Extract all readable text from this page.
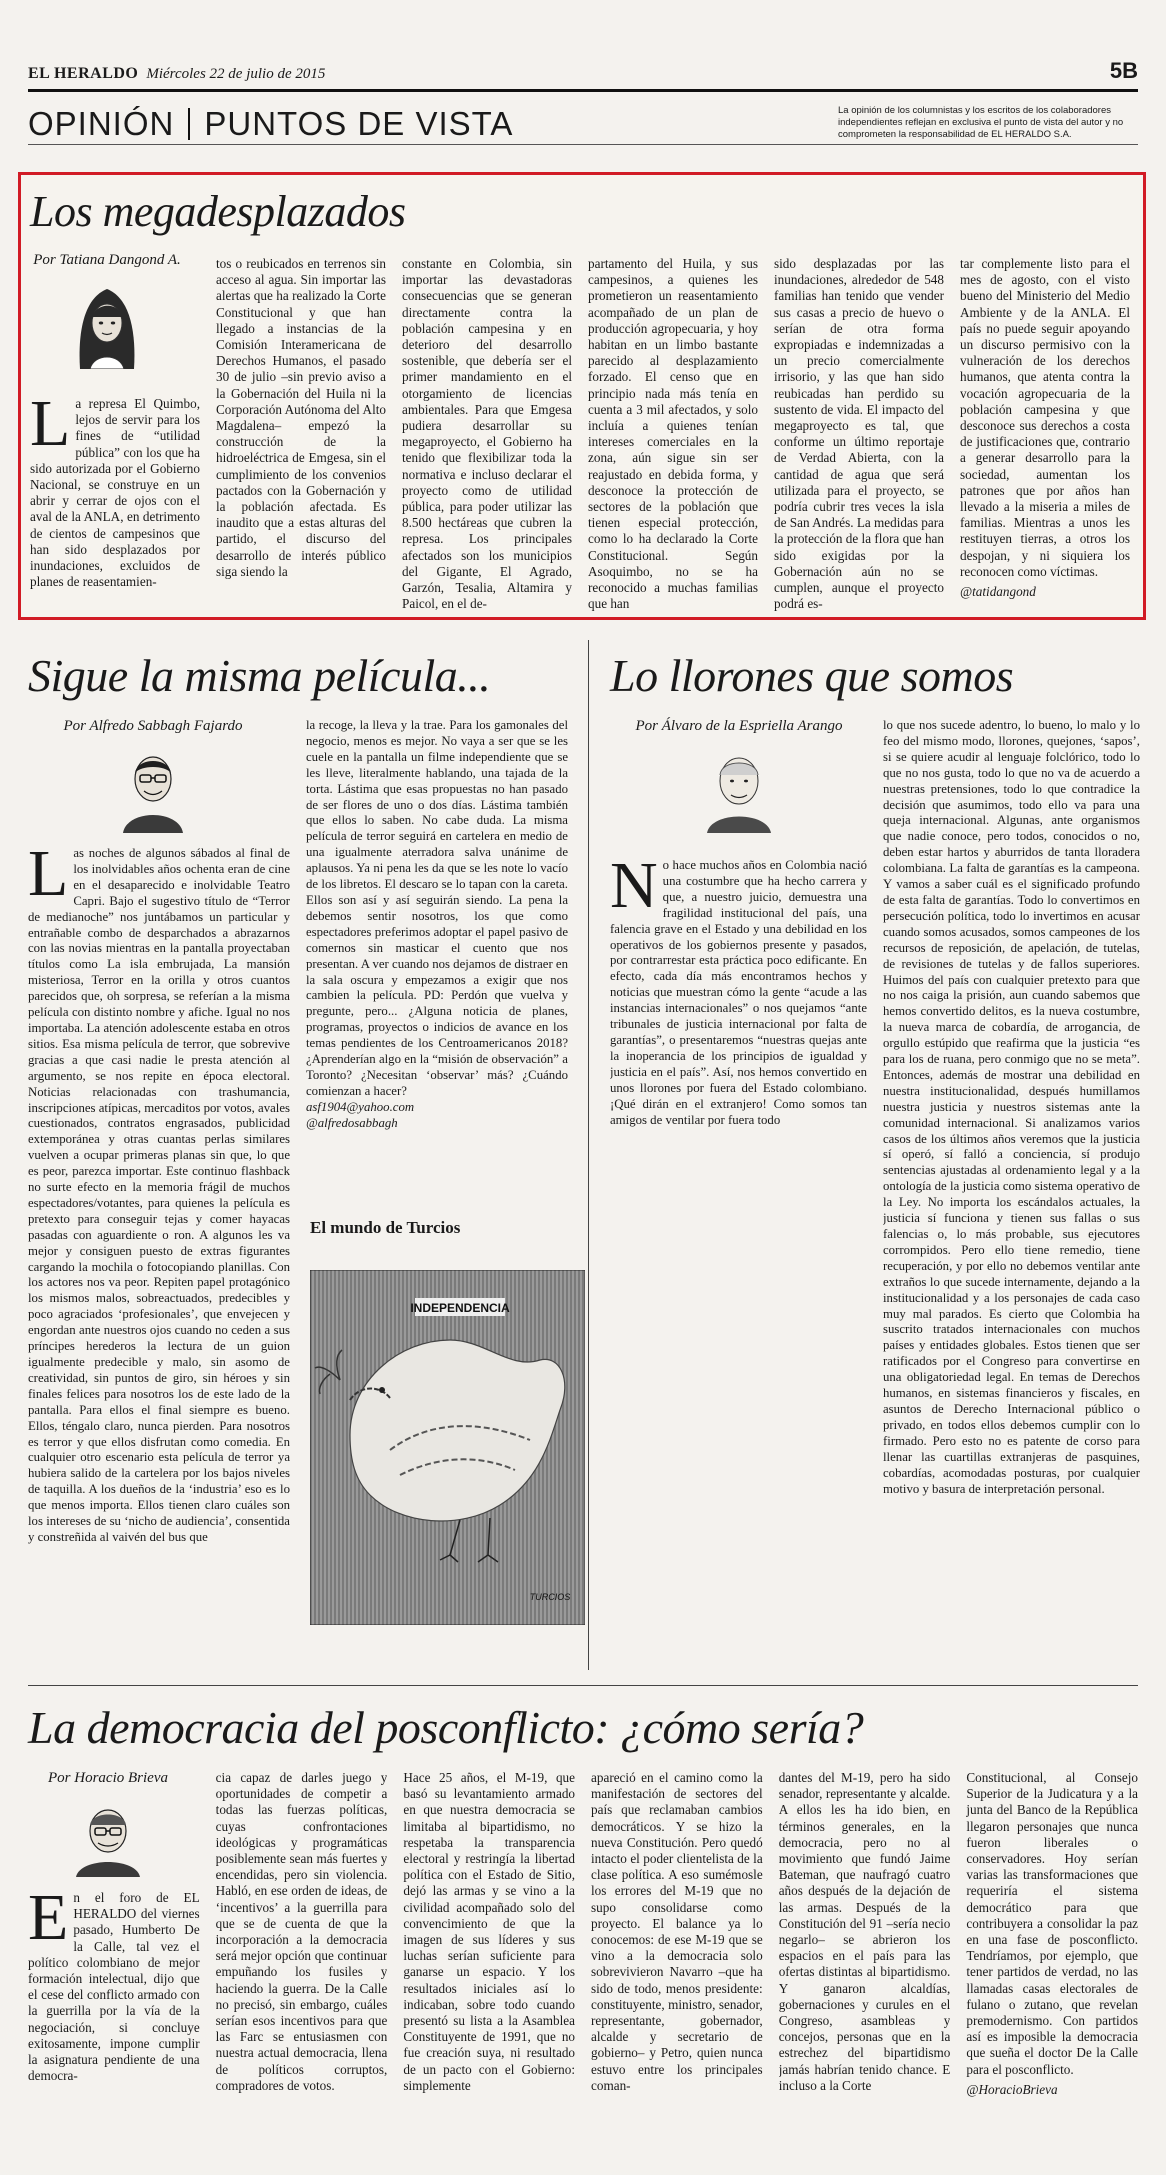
EL HERALDO Miércoles 22 de julio de 2015	5B
OPINIÓN PUNTOS DE VISTA	La opinión de los columnistas y los escritos de los colaboradores independientes reflejan en exclusiva el punto de vista del autor y no comprometen la responsabilidad de EL HERALDO S.A.
Los megadesplazados
Por Tatiana Dangond A.
La represa El Quimbo, lejos de servir para los fines de “utilidad pública” con los que ha sido autorizada por el Gobierno Nacional, se construye en un abrir y cerrar de ojos con el aval de la ANLA, en detrimento de cientos de campesinos que han sido desplazados por inundaciones, excluidos de planes de reasentamien-
tos o reubicados en terrenos sin acceso al agua. Sin importar las alertas que ha realizado la Corte Constitucional y que han llegado a instancias de la Comisión Interamericana de Derechos Humanos, el pasado 30 de julio –sin previo aviso a la Gobernación del Huila ni la Corporación Autónoma del Alto Magdalena– empezó la construcción de la hidroeléctrica de Emgesa, sin el cumplimiento de los convenios pactados con la Gobernación y la población afectada. Es inaudito que a estas alturas del partido, el discurso del desarrollo de interés público siga siendo la
constante en Colombia, sin importar las devastadoras consecuencias que se generan directamente contra la población campesina y en deterioro del desarrollo sostenible, que debería ser el primer mandamiento en el otorgamiento de licencias ambientales. Para que Emgesa pudiera desarrollar su megaproyecto, el Gobierno ha tenido que flexibilizar toda la normativa e incluso declarar el proyecto como de utilidad pública, para poder utilizar las 8.500 hectáreas que cubren la represa. Los principales afectados son los municipios del Gigante, El Agrado, Garzón, Tesalia, Altamira y Paicol, en el de-
partamento del Huila, y sus campesinos, a quienes les prometieron un reasentamiento acompañado de un plan de producción agropecuaria, y hoy habitan en un limbo bastante parecido al desplazamiento forzado. El censo que en principio nada más tenía en cuenta a 3 mil afectados, y solo incluía a quienes tenían intereses comerciales en la zona, aún sigue sin ser reajustado en debida forma, y desconoce la protección de sectores de la población que tienen especial protección, como lo ha declarado la Corte Constitucional. Según Asoquimbo, no se ha reconocido a muchas familias que han
sido desplazadas por las inundaciones, alrededor de 548 familias han tenido que vender sus casas a precio de huevo o serían de otra forma expropiadas e indemnizadas a un precio comercialmente irrisorio, y las que han sido reubicadas han perdido su sustento de vida. El impacto del megaproyecto es tal, que conforme un último reportaje de Verdad Abierta, con la cantidad de agua que será utilizada para el proyecto, se podría cubrir tres veces la isla de San Andrés. La medidas para la protección de la flora que han sido exigidas por la Gobernación aún no se cumplen, aunque el proyecto podrá es-
tar complemente listo para el mes de agosto, con el visto bueno del Ministerio del Medio Ambiente y de la ANLA. El país no puede seguir apoyando un discurso permisivo con la vulneración de los derechos humanos, que atenta contra la vocación agropecuaria de la población campesina y que desconoce sus derechos a costa de justificaciones que, contrario a generar desarrollo para la sociedad, aumentan los patrones que por años han llevado a la miseria a miles de familias. Mientras a unos les restituyen tierras, a otros los despojan, y ni siquiera los reconocen como víctimas.
@tatidangond
Sigue la misma película...
Por Alfredo Sabbagh Fajardo
Las noches de algunos sábados al final de los inolvidables años ochenta eran de cine en el desaparecido e inolvidable Teatro Capri. Bajo el sugestivo título de “Terror de medianoche” nos juntábamos un particular y entrañable combo de desparchados a abrazarnos con las novias mientras en la pantalla proyectaban títulos como La isla embrujada, La mansión misteriosa, Terror en la orilla y otros cuantos parecidos que, oh sorpresa, se referían a la misma película con distinto nombre y afiche. Igual no nos importaba. La atención adolescente estaba en otros sitios. Esa misma película de terror, que sobrevive gracias a que casi nadie le presta atención al argumento, se nos repite en época electoral. Noticias relacionadas con trashumancia, inscripciones atípicas, mercaditos por votos, avales cuestionados, contratos engrasados, publicidad extemporánea y otras cuantas perlas similares vuelven a ocupar primeras planas sin que, lo que es peor, parezca importar. Este continuo flashback no surte efecto en la memoria frágil de muchos espectadores/votantes, para quienes la película es pretexto para conseguir tejas y comer hayacas pasadas con aguardiente o ron. A algunos les va mejor y consiguen puesto de extras figurantes cargando la mochila o fotocopiando planillas. Con los actores nos va peor. Repiten papel protagónico los mismos malos, sobreactuados, predecibles y poco agraciados ‘profesionales’, que envejecen y engordan ante nuestros ojos cuando no ceden a sus príncipes herederos la lectura de un guion igualmente predecible y malo, sin asomo de creatividad, sin puntos de giro, sin héroes y sin finales felices para nosotros los de este lado de la pantalla. Para ellos el final siempre es bueno. Ellos, téngalo claro, nunca pierden. Para nosotros es terror y que ellos disfrutan como comedia. En cualquier otro escenario esta película de terror ya hubiera salido de la cartelera por los bajos niveles de taquilla. A los dueños de la ‘industria’ eso es lo que menos importa. Ellos tienen claro cuáles son los intereses de su ‘nicho de audiencia’, consentida y constreñida al vaivén del bus que
la recoge, la lleva y la trae. Para los gamonales del negocio, menos es mejor. No vaya a ser que se les cuele en la pantalla un filme independiente que se les lleve, literalmente hablando, una tajada de la torta. Lástima que esas propuestas no han pasado de ser flores de uno o dos días. Lástima también que ellos lo saben. No cabe duda. La misma película de terror seguirá en cartelera en medio de una igualmente aterradora salva unánime de aplausos. Ya ni pena les da que se les note lo vacío de los libretos. El descaro se lo tapan con la careta. Ellos son así y así seguirán siendo. La pena la debemos sentir nosotros, los que como espectadores preferimos adoptar el papel pasivo de comernos sin masticar el cuento que nos presentan. A ver cuando nos dejamos de distraer en la sala oscura y empezamos a exigir que nos cambien la película. PD: Perdón que vuelva y pregunte, pero... ¿Alguna noticia de planes, programas, proyectos o indicios de avance en los temas pendientes de los Centroamericanos 2018? ¿Aprenderían algo en la “misión de observación” a Toronto? ¿Necesitan ‘observar’ más? ¿Cuándo comienzan a hacer?
asf1904@yahoo.com
@alfredosabbagh
El mundo de Turcios
INDEPENDENCIA
TURCIOS
Lo llorones que somos
Por Álvaro de la Espriella Arango
No hace muchos años en Colombia nació una costumbre que ha hecho carrera y que, a nuestro juicio, demuestra una fragilidad institucional del país, una falencia grave en el Estado y una debilidad en los operativos de los gobiernos presente y pasados, por contrarrestar esta práctica poco edificante. En efecto, cada día más encontramos hechos y noticias que muestran cómo la gente “acude a las instancias internacionales” o nos quejamos “ante tribunales de justicia internacional por falta de garantías”, o presentaremos “nuestras quejas ante la inoperancia de los principios de igualdad y justicia en el país”. Así, nos hemos convertido en unos llorones por fuera del Estado colombiano. ¡Qué dirán en el extranjero! Como somos tan amigos de ventilar por fuera todo
lo que nos sucede adentro, lo bueno, lo malo y lo feo del mismo modo, llorones, quejones, ‘sapos’, si se quiere acudir al lenguaje folclórico, todo lo que no nos gusta, todo lo que no va de acuerdo a nuestras pretensiones, todo lo que contradice la decisión que asumimos, todo ello va para una queja internacional. Algunas, ante organismos que nadie conoce, pero todos, conocidos o no, deben estar hartos y aburridos de tanta lloradera colombiana. La falta de garantías es la campeona. Y vamos a saber cuál es el significado profundo de esta falta de garantías. Todo lo convertimos en persecución política, todo lo invertimos en acusar cuando somos acusados, somos campeones de los recursos de reposición, de apelación, de tutelas, de revisiones de tutelas y de fallos superiores. Huimos del país con cualquier pretexto para que no nos caiga la prisión, aun cuando sabemos que hemos convertido delitos, es la nueva costumbre, la nueva marca de cobardía, de arrogancia, de orgullo estúpido que reafirma que la justicia “es para los de ruana, pero conmigo que no se meta”. Entonces, además de mostrar una debilidad en nuestra institucionalidad, después humillamos nuestra justicia y nuestros sistemas ante la comunidad internacional. Si analizamos varios casos de los últimos años veremos que la justicia sí operó, sí falló a conciencia, sí produjo sentencias ajustadas al ordenamiento legal y a la ontología de la justicia como sistema operativo de la Ley. No importa los escándalos actuales, la justicia sí funciona y tienen sus fallas o sus falencias o, lo más probable, sus ejecutores corrompidos. Pero ello tiene remedio, tiene recuperación, y por ello no debemos ventilar ante extraños lo que sucede internamente, dejando a la institucionalidad y a los personajes de cada caso muy mal parados. Es cierto que Colombia ha suscrito tratados internacionales con muchos países y entidades globales. Estos tienen que ser ratificados por el Congreso para convertirse en una obligatoriedad legal. En temas de Derechos humanos, en sistemas financieros y fiscales, en asuntos de Derecho Internacional público o privado, en todos ellos debemos cumplir con lo firmado. Pero esto no es patente de corso para llenar las cuartillas extranjeras de pasquines, cobardías, acomodadas posturas, por cualquier motivo y basura de interpretación personal.
La democracia del posconflicto: ¿cómo sería?
Por Horacio Brieva
En el foro de EL HERALDO del viernes pasado, Humberto De la Calle, tal vez el político colombiano de mejor formación intelectual, dijo que el cese del conflicto armado con la guerrilla por la vía de la negociación, si concluye exitosamente, impone cumplir la asignatura pendiente de una democra-
cia capaz de darles juego y oportunidades de competir a todas las fuerzas políticas, cuyas confrontaciones ideológicas y programáticas posiblemente sean más fuertes y encendidas, pero sin violencia. Habló, en ese orden de ideas, de ‘incentivos’ a la guerrilla para que se de cuenta de que la incorporación a la democracia será mejor opción que continuar empuñando los fusiles y haciendo la guerra. De la Calle no precisó, sin embargo, cuáles serían esos incentivos para que las Farc se entusiasmen con nuestra actual democracia, llena de políticos corruptos, compradores de votos.
Hace 25 años, el M-19, que basó su levantamiento armado en que nuestra democracia se limitaba al bipartidismo, no respetaba la transparencia electoral y restringía la libertad política con el Estado de Sitio, dejó las armas y se vino a la civilidad acompañado solo del convencimiento de que la imagen de sus líderes y sus luchas serían suficiente para ganarse un espacio. Y los resultados iniciales así lo indicaban, sobre todo cuando presentó su lista a la Asamblea Constituyente de 1991, que no fue creación suya, ni resultado de un pacto con el Gobierno: simplemente
apareció en el camino como la manifestación de sectores del país que reclamaban cambios democráticos. Y se hizo la nueva Constitución. Pero quedó intacto el poder clientelista de la clase política. A eso sumémosle los errores del M-19 que no supo consolidarse como proyecto. El balance ya lo conocemos: de ese M-19 que se vino a la democracia solo sobrevivieron Navarro –que ha sido de todo, menos presidente: constituyente, ministro, senador, representante, gobernador, alcalde y secretario de gobierno– y Petro, quien nunca estuvo entre los principales coman-
dantes del M-19, pero ha sido senador, representante y alcalde. A ellos les ha ido bien, en términos generales, en la democracia, pero no al movimiento que fundó Jaime Bateman, que naufragó cuatro años después de la dejación de las armas. Después de la Constitución del 91 –sería necio negarlo– se abrieron los espacios en el país para las ofertas distintas al bipartidismo. Y ganaron alcaldías, gobernaciones y curules en el Congreso, asambleas y concejos, personas que en la estrechez del bipartidismo jamás habrían tenido chance. E incluso a la Corte
Constitucional, al Consejo Superior de la Judicatura y a la junta del Banco de la República llegaron personajes que nunca fueron liberales o conservadores. Hoy serían varias las transformaciones que requeriría el sistema democrático para que contribuyera a consolidar la paz en una fase de posconflicto. Tendríamos, por ejemplo, que tener partidos de verdad, no las llamadas casas electorales de fulano o zutano, que revelan premodernismo. Con partidos así es imposible la democracia que sueña el doctor De la Calle para el posconflicto.
@HoracioBrieva
